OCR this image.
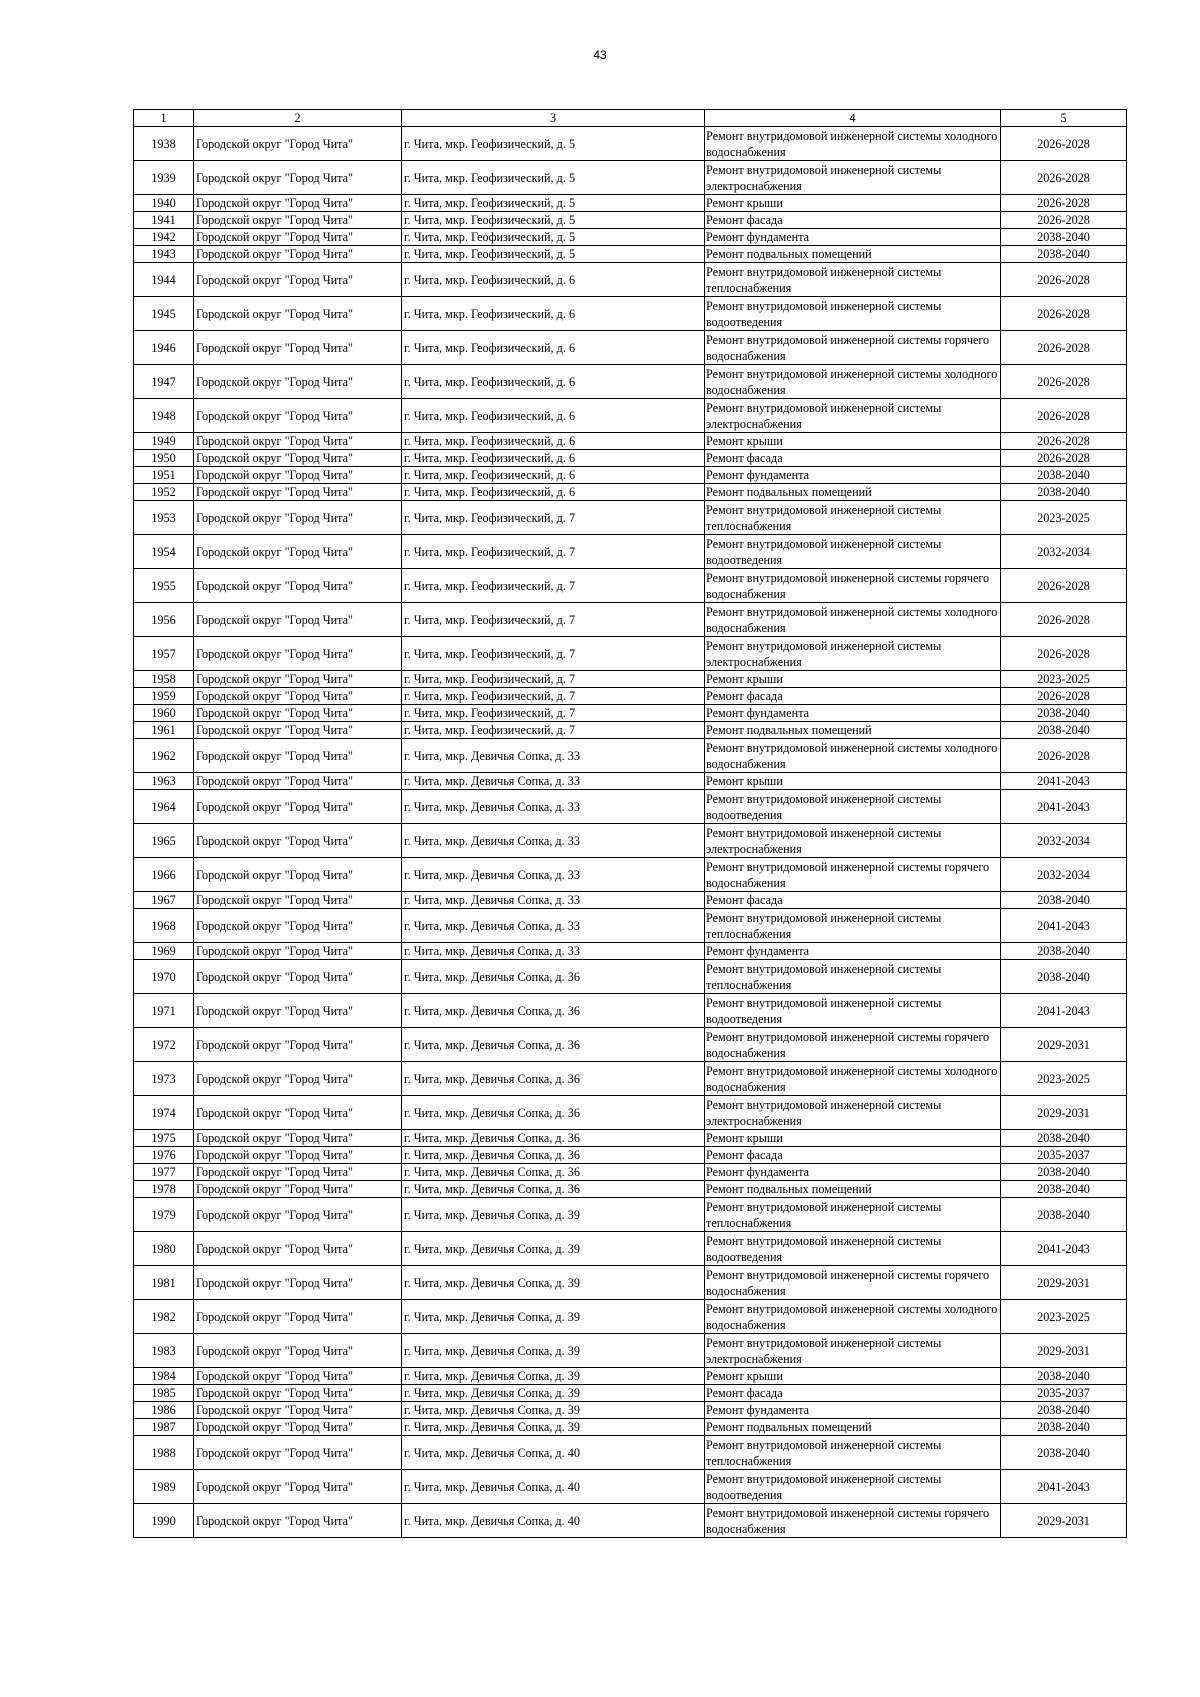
43
1	2	3	4	5
1938	Городской округ "Город Чита"	г. Чита, мкр. Геофизический, д. 5	Ремонт внутридомовой инженерной системы холодного водоснабжения	2026-2028
1939	Городской округ "Город Чита"	г. Чита, мкр. Геофизический, д. 5	Ремонт внутридомовой инженерной системы электроснабжения	2026-2028
1940	Городской округ "Город Чита"	г. Чита, мкр. Геофизический, д. 5	Ремонт крыши	2026-2028
1941	Городской округ "Город Чита"	г. Чита, мкр. Геофизический, д. 5	Ремонт фасада	2026-2028
1942	Городской округ "Город Чита"	г. Чита, мкр. Геофизический, д. 5	Ремонт фундамента	2038-2040
1943	Городской округ "Город Чита"	г. Чита, мкр. Геофизический, д. 5	Ремонт подвальных помещений	2038-2040
1944	Городской округ "Город Чита"	г. Чита, мкр. Геофизический, д. 6	Ремонт внутридомовой инженерной системы теплоснабжения	2026-2028
1945	Городской округ "Город Чита"	г. Чита, мкр. Геофизический, д. 6	Ремонт внутридомовой инженерной системы водоотведения	2026-2028
1946	Городской округ "Город Чита"	г. Чита, мкр. Геофизический, д. 6	Ремонт внутридомовой инженерной системы горячего водоснабжения	2026-2028
1947	Городской округ "Город Чита"	г. Чита, мкр. Геофизический, д. 6	Ремонт внутридомовой инженерной системы холодного водоснабжения	2026-2028
1948	Городской округ "Город Чита"	г. Чита, мкр. Геофизический, д. 6	Ремонт внутридомовой инженерной системы электроснабжения	2026-2028
1949	Городской округ "Город Чита"	г. Чита, мкр. Геофизический, д. 6	Ремонт крыши	2026-2028
1950	Городской округ "Город Чита"	г. Чита, мкр. Геофизический, д. 6	Ремонт фасада	2026-2028
1951	Городской округ "Город Чита"	г. Чита, мкр. Геофизический, д. 6	Ремонт фундамента	2038-2040
1952	Городской округ "Город Чита"	г. Чита, мкр. Геофизический, д. 6	Ремонт подвальных помещений	2038-2040
1953	Городской округ "Город Чита"	г. Чита, мкр. Геофизический, д. 7	Ремонт внутридомовой инженерной системы теплоснабжения	2023-2025
1954	Городской округ "Город Чита"	г. Чита, мкр. Геофизический, д. 7	Ремонт внутридомовой инженерной системы водоотведения	2032-2034
1955	Городской округ "Город Чита"	г. Чита, мкр. Геофизический, д. 7	Ремонт внутридомовой инженерной системы горячего водоснабжения	2026-2028
1956	Городской округ "Город Чита"	г. Чита, мкр. Геофизический, д. 7	Ремонт внутридомовой инженерной системы холодного водоснабжения	2026-2028
1957	Городской округ "Город Чита"	г. Чита, мкр. Геофизический, д. 7	Ремонт внутридомовой инженерной системы электроснабжения	2026-2028
1958	Городской округ "Город Чита"	г. Чита, мкр. Геофизический, д. 7	Ремонт крыши	2023-2025
1959	Городской округ "Город Чита"	г. Чита, мкр. Геофизический, д. 7	Ремонт фасада	2026-2028
1960	Городской округ "Город Чита"	г. Чита, мкр. Геофизический, д. 7	Ремонт фундамента	2038-2040
1961	Городской округ "Город Чита"	г. Чита, мкр. Геофизический, д. 7	Ремонт подвальных помещений	2038-2040
1962	Городской округ "Город Чита"	г. Чита, мкр. Девичья Сопка, д. 33	Ремонт внутридомовой инженерной системы холодного водоснабжения	2026-2028
1963	Городской округ "Город Чита"	г. Чита, мкр. Девичья Сопка, д. 33	Ремонт крыши	2041-2043
1964	Городской округ "Город Чита"	г. Чита, мкр. Девичья Сопка, д. 33	Ремонт внутридомовой инженерной системы водоотведения	2041-2043
1965	Городской округ "Город Чита"	г. Чита, мкр. Девичья Сопка, д. 33	Ремонт внутридомовой инженерной системы электроснабжения	2032-2034
1966	Городской округ "Город Чита"	г. Чита, мкр. Девичья Сопка, д. 33	Ремонт внутридомовой инженерной системы горячего водоснабжения	2032-2034
1967	Городской округ "Город Чита"	г. Чита, мкр. Девичья Сопка, д. 33	Ремонт фасада	2038-2040
1968	Городской округ "Город Чита"	г. Чита, мкр. Девичья Сопка, д. 33	Ремонт внутридомовой инженерной системы теплоснабжения	2041-2043
1969	Городской округ "Город Чита"	г. Чита, мкр. Девичья Сопка, д. 33	Ремонт фундамента	2038-2040
1970	Городской округ "Город Чита"	г. Чита, мкр. Девичья Сопка, д. 36	Ремонт внутридомовой инженерной системы теплоснабжения	2038-2040
1971	Городской округ "Город Чита"	г. Чита, мкр. Девичья Сопка, д. 36	Ремонт внутридомовой инженерной системы водоотведения	2041-2043
1972	Городской округ "Город Чита"	г. Чита, мкр. Девичья Сопка, д. 36	Ремонт внутридомовой инженерной системы горячего водоснабжения	2029-2031
1973	Городской округ "Город Чита"	г. Чита, мкр. Девичья Сопка, д. 36	Ремонт внутридомовой инженерной системы холодного водоснабжения	2023-2025
1974	Городской округ "Город Чита"	г. Чита, мкр. Девичья Сопка, д. 36	Ремонт внутридомовой инженерной системы электроснабжения	2029-2031
1975	Городской округ "Город Чита"	г. Чита, мкр. Девичья Сопка, д. 36	Ремонт крыши	2038-2040
1976	Городской округ "Город Чита"	г. Чита, мкр. Девичья Сопка, д. 36	Ремонт фасада	2035-2037
1977	Городской округ "Город Чита"	г. Чита, мкр. Девичья Сопка, д. 36	Ремонт фундамента	2038-2040
1978	Городской округ "Город Чита"	г. Чита, мкр. Девичья Сопка, д. 36	Ремонт подвальных помещений	2038-2040
1979	Городской округ "Город Чита"	г. Чита, мкр. Девичья Сопка, д. 39	Ремонт внутридомовой инженерной системы теплоснабжения	2038-2040
1980	Городской округ "Город Чита"	г. Чита, мкр. Девичья Сопка, д. 39	Ремонт внутридомовой инженерной системы водоотведения	2041-2043
1981	Городской округ "Город Чита"	г. Чита, мкр. Девичья Сопка, д. 39	Ремонт внутридомовой инженерной системы горячего водоснабжения	2029-2031
1982	Городской округ "Город Чита"	г. Чита, мкр. Девичья Сопка, д. 39	Ремонт внутридомовой инженерной системы холодного водоснабжения	2023-2025
1983	Городской округ "Город Чита"	г. Чита, мкр. Девичья Сопка, д. 39	Ремонт внутридомовой инженерной системы электроснабжения	2029-2031
1984	Городской округ "Город Чита"	г. Чита, мкр. Девичья Сопка, д. 39	Ремонт крыши	2038-2040
1985	Городской округ "Город Чита"	г. Чита, мкр. Девичья Сопка, д. 39	Ремонт фасада	2035-2037
1986	Городской округ "Город Чита"	г. Чита, мкр. Девичья Сопка, д. 39	Ремонт фундамента	2038-2040
1987	Городской округ "Город Чита"	г. Чита, мкр. Девичья Сопка, д. 39	Ремонт подвальных помещений	2038-2040
1988	Городской округ "Город Чита"	г. Чита, мкр. Девичья Сопка, д. 40	Ремонт внутридомовой инженерной системы теплоснабжения	2038-2040
1989	Городской округ "Город Чита"	г. Чита, мкр. Девичья Сопка, д. 40	Ремонт внутридомовой инженерной системы водоотведения	2041-2043
1990	Городской округ "Город Чита"	г. Чита, мкр. Девичья Сопка, д. 40	Ремонт внутридомовой инженерной системы горячего водоснабжения	2029-2031
